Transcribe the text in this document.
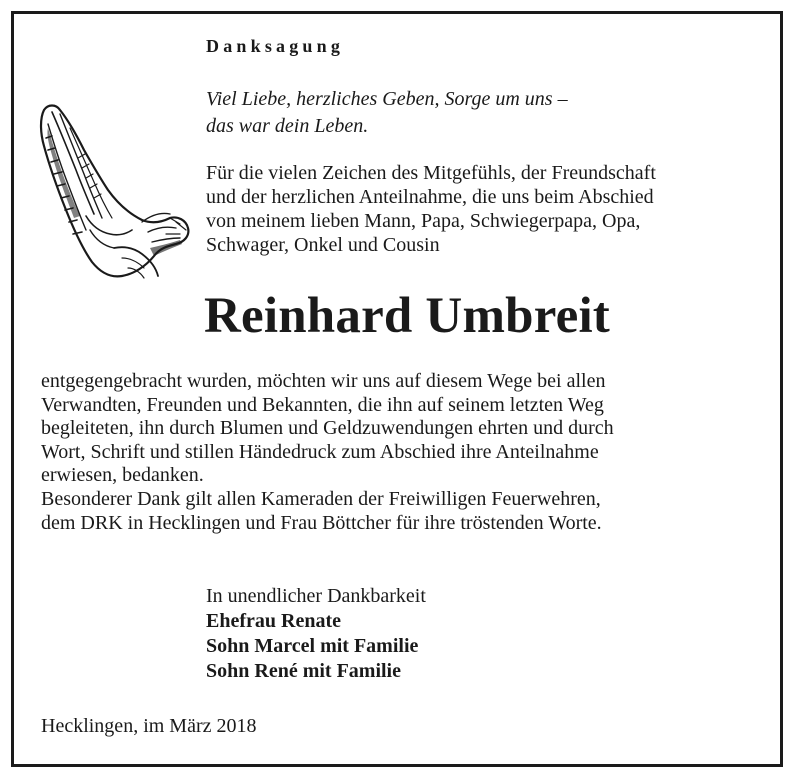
Danksagung
Viel Liebe, herzliches Geben, Sorge um uns –
das war dein Leben.
Für die vielen Zeichen des Mitgefühls, der Freundschaft
und der herzlichen Anteilnahme, die uns beim Abschied
von meinem lieben Mann, Papa, Schwiegerpapa, Opa,
Schwager, Onkel und Cousin
Reinhard Umbreit
entgegengebracht wurden, möchten wir uns auf diesem Wege bei allen
Verwandten, Freunden und Bekannten, die ihn auf seinem letzten Weg
begleiteten, ihn durch Blumen und Geldzuwendungen ehrten und durch
Wort, Schrift und stillen Händedruck zum Abschied ihre Anteilnahme
erwiesen, bedanken.
Besonderer Dank gilt allen Kameraden der Freiwilligen Feuerwehren,
dem DRK in Hecklingen und Frau Böttcher für ihre tröstenden Worte.
In unendlicher Dankbarkeit
Ehefrau Renate
Sohn Marcel mit Familie
Sohn René mit Familie
Hecklingen, im März 2018
